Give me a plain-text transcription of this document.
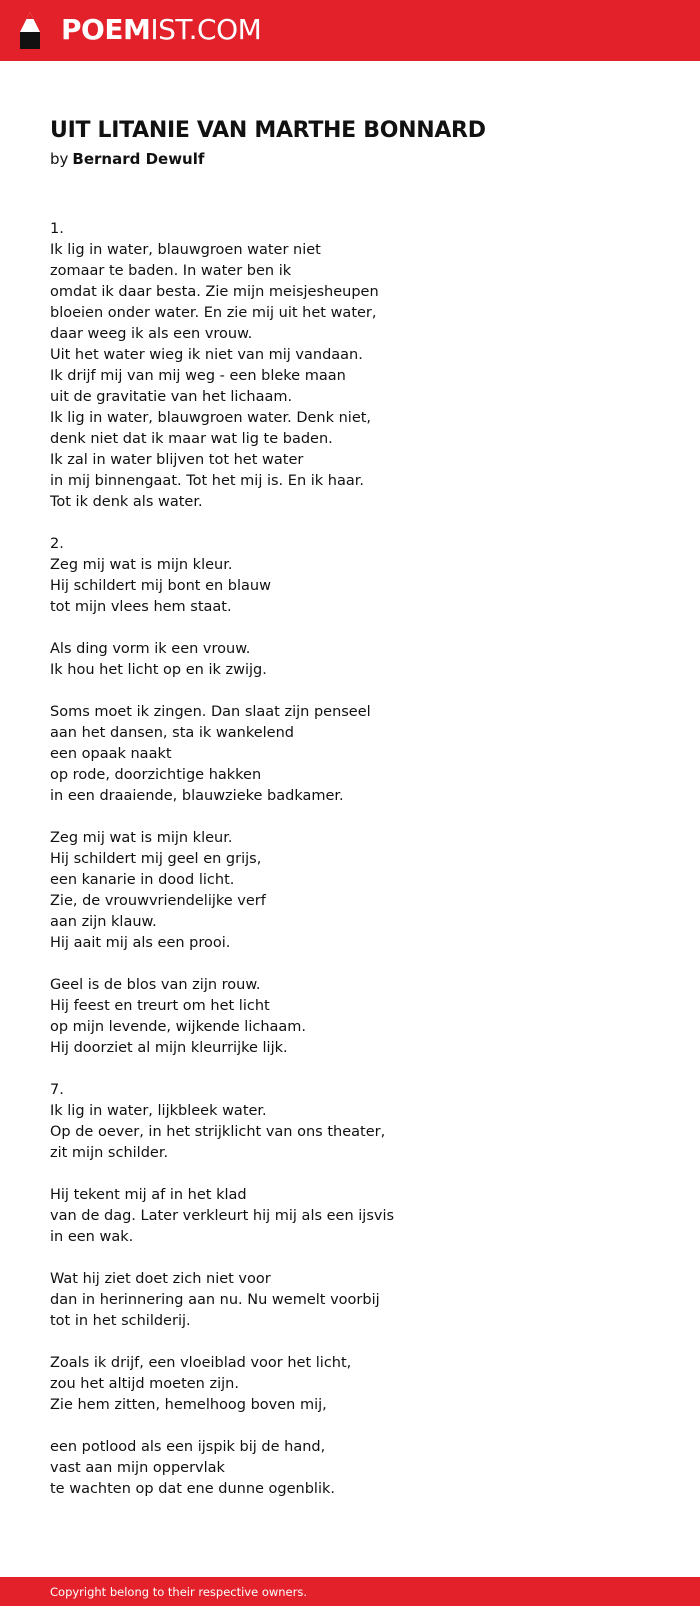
POEMIST.COM
UIT LITANIE VAN MARTHE BONNARD
by Bernard Dewulf
1.
Ik lig in water, blauwgroen water niet
zomaar te baden. In water ben ik
omdat ik daar besta. Zie mijn meisjesheupen
bloeien onder water. En zie mij uit het water,
daar weeg ik als een vrouw.
Uit het water wieg ik niet van mij vandaan.
Ik drijf mij van mij weg - een bleke maan
uit de gravitatie van het lichaam.
Ik lig in water, blauwgroen water. Denk niet,
denk niet dat ik maar wat lig te baden.
Ik zal in water blijven tot het water
in mij binnengaat. Tot het mij is. En ik haar.
Tot ik denk als water.
2.
Zeg mij wat is mijn kleur.
Hij schildert mij bont en blauw
tot mijn vlees hem staat.
Als ding vorm ik een vrouw.
Ik hou het licht op en ik zwijg.
Soms moet ik zingen. Dan slaat zijn penseel
aan het dansen, sta ik wankelend
een opaak naakt
op rode, doorzichtige hakken
in een draaiende, blauwzieke badkamer.
Zeg mij wat is mijn kleur.
Hij schildert mij geel en grijs,
een kanarie in dood licht.
Zie, de vrouwvriendelijke verf
aan zijn klauw.
Hij aait mij als een prooi.
Geel is de blos van zijn rouw.
Hij feest en treurt om het licht
op mijn levende, wijkende lichaam.
Hij doorziet al mijn kleurrijke lijk.
7.
Ik lig in water, lijkbleek water.
Op de oever, in het strijklicht van ons theater,
zit mijn schilder.
Hij tekent mij af in het klad
van de dag. Later verkleurt hij mij als een ijsvis
in een wak.
Wat hij ziet doet zich niet voor
dan in herinnering aan nu. Nu wemelt voorbij
tot in het schilderij.
Zoals ik drijf, een vloeiblad voor het licht,
zou het altijd moeten zijn.
Zie hem zitten, hemelhoog boven mij,
een potlood als een ijspik bij de hand,
vast aan mijn oppervlak
te wachten op dat ene dunne ogenblik.
Copyright belong to their respective owners.
